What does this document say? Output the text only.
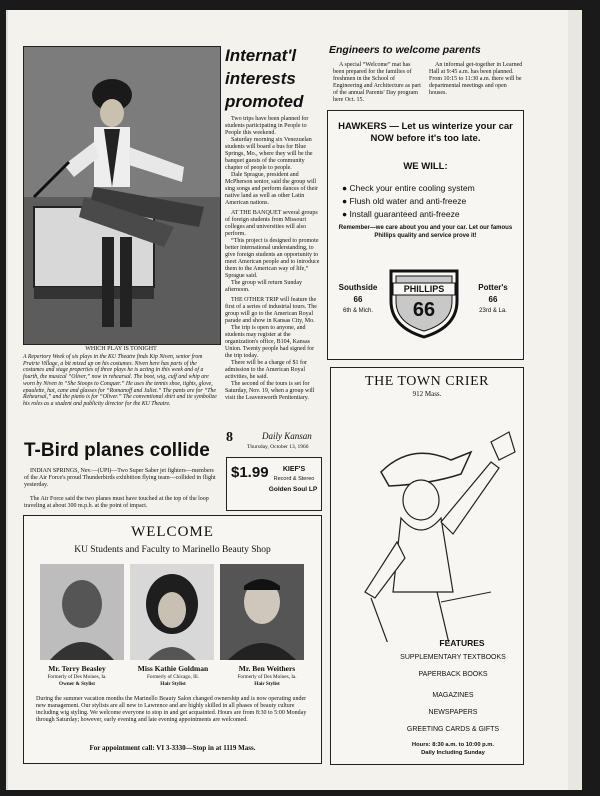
WHICH PLAY IS TONIGHT
A Repertory Week of six plays in the KU Theatre finds Kip Niven, senior from Prairie Village, a bit mixed up on his costumes. Niven here has parts of the costumes and stage properties of three plays he is acting in this week and of a fourth, the musical “Oliver,” now in rehearsal. The boot, wig, cuff and whip are worn by Niven in “She Stoops to Conquer.” He uses the tennis shoe, tights, glove, epaulette, hat, cane and glasses for “Romanoff and Juliet.” The pants are for “The Rehearsal,” and the piano is for “Oliver.” The conventional shirt and tie symbolize his roles as a student and publicity director for the KU Theatre.
Internat'l interests promoted
Two trips have been planned for students participating in People to People this weekend.
Saturday morning six Venezuelan students will board a bus for Blue Springs, Mo., where they will be the banquet guests of the community chapter of people to people.
Dale Sprague, president and McPherson senior, said the group will sing songs and perform dances of their native land as well as other Latin American nations.
AT THE BANQUET several groups of foreign students from Missouri colleges and universities will also perform.
“This project is designed to promote better international understanding, to give foreign students an opportunity to meet American people and to introduce them to the American way of life,” Sprague said.
The group will return Sunday afternoon.
THE OTHER TRIP will feature the first of a series of industrial tours. The group will go to the American Royal parade and show in Kansas City, Mo.
The trip is open to anyone, and students may register at the organization's office, B104, Kansas Union. Twenty people had signed for the trip today.
There will be a charge of $1 for admission to the American Royal activities, he said.
The second of the tours is set for Saturday, Nov. 19, when a group will visit the Leavenworth Penitentiary.
8	Daily Kansan
Thursday, October 13, 1966
$1.99	KIEF'S
Record & Stereo
Golden Soul LP
T-Bird planes collide
INDIAN SPRINGS, Nev.—(UPI)—Two Super Saber jet fighters—members of the Air Force's proud Thunderbirds exhibition flying team—collided in flight yesterday.
The Air Force said the two planes must have touched at the top of the loop traveling at about 300 m.p.h. at the point of impact.
WELCOME
KU Students and Faculty to Marinello Beauty Shop
Mr. Terry Beasley
Formerly of Des Moines, Ia.
Owner & Stylist
Miss Kathie Goldman
Formerly of Chicago, Ill.
Hair Stylist
Mr. Ben Weithers
Formerly of Des Moines, Ia.
Hair Stylist
During the summer vacation months the Marinello Beauty Salon changed ownership and is now operating under new management. Our stylists are all new to Lawrence and are highly skilled in all phases of beauty culture including wig styling. We welcome everyone to stop in and get acquainted. Hours are from 8:30 to 5:00 Monday through Saturday; however, early evening and late evening appointments are welcomed.
For appointment call: VI 3-3330—Stop in at 1119 Mass.
Engineers to welcome parents
A special “Welcome” mat has been prepared for the families of freshmen in the School of Engineering and Architecture as part of the annual Parents' Day program here Oct. 15.
An informal get-together in Learned Hall at 9:45 a.m. has been planned. From 10:15 to 11:30 a.m. there will be departmental meetings and open houses.
HAWKERS — Let us winterize your car NOW before it's too late.
WE WILL:
● Check your entire cooling system
● Flush old water and anti-freeze
● Install guaranteed anti-freeze
Remember—we care about you and your car. Let our famous Phillips quality and service prove it!
Southside
66
6th & Mich.
PHILLIPS
66
Potter's
66
23rd & La.
THE TOWN CRIER
912 Mass.
FEATURES
SUPPLEMENTARY TEXTBOOKS
PAPERBACK BOOKS
MAGAZINES
NEWSPAPERS
GREETING CARDS & GIFTS
Hours: 8:30 a.m. to 10:00 p.m.
Daily Including Sunday
